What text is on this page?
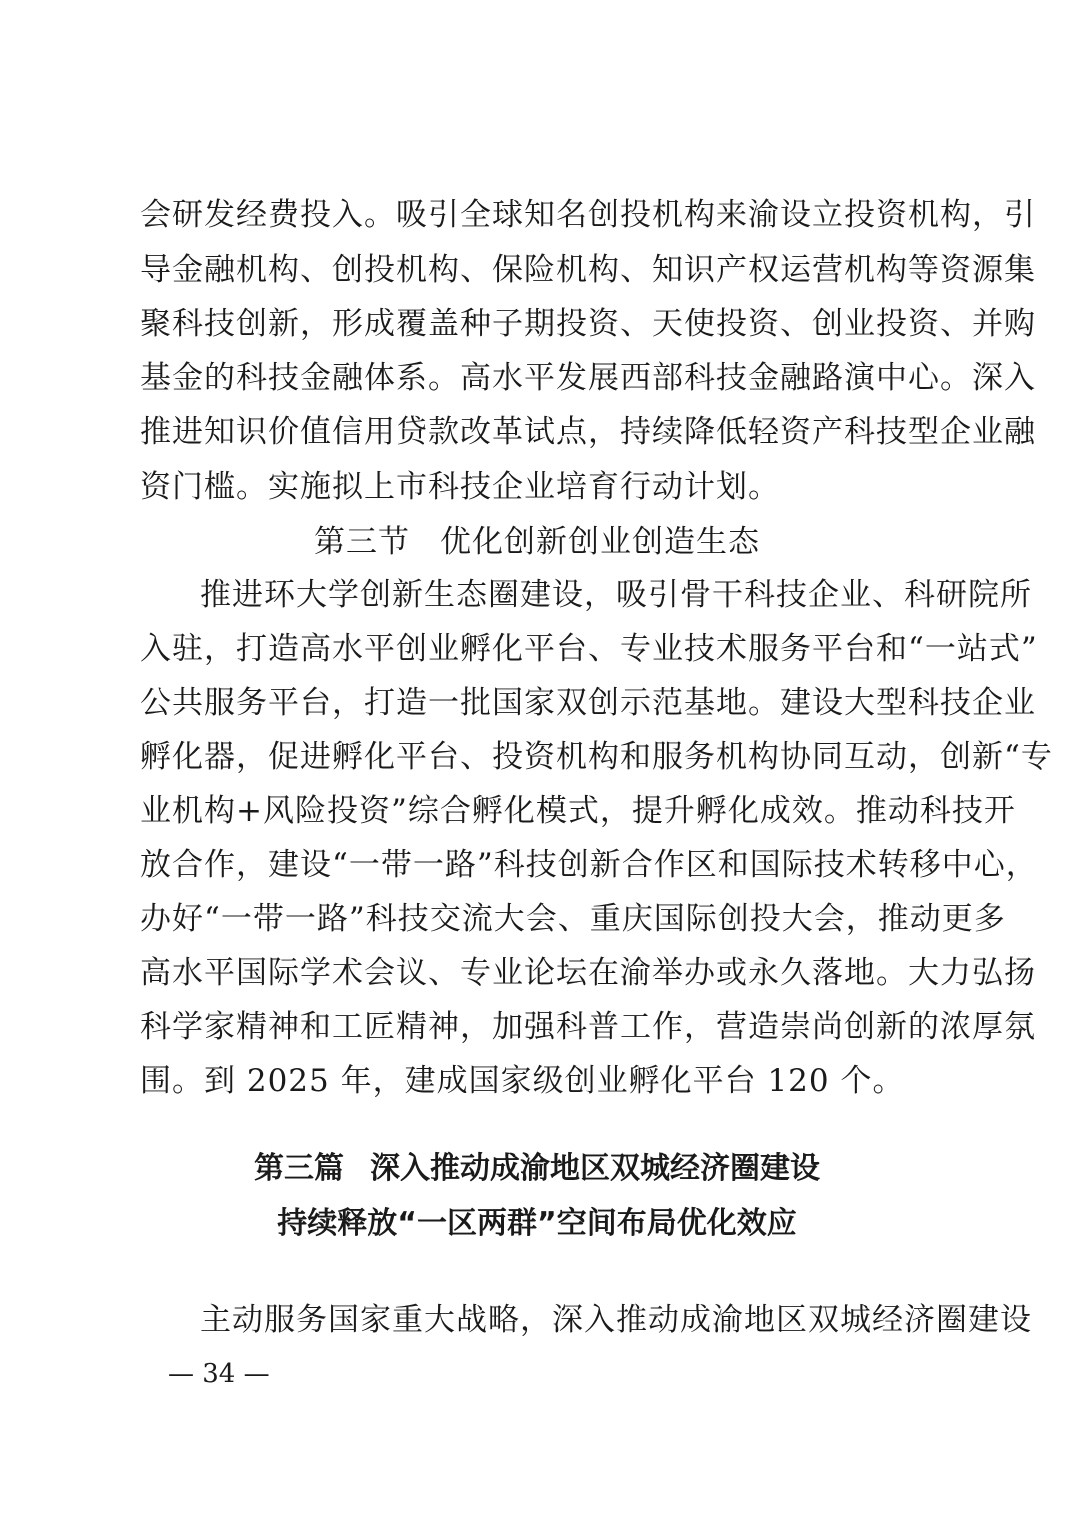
会研发经费投入。吸引全球知名创投机构来渝设立投资机构，引
导金融机构、创投机构、保险机构、知识产权运营机构等资源集
聚科技创新，形成覆盖种子期投资、天使投资、创业投资、并购
基金的科技金融体系。高水平发展西部科技金融路演中心。深入
推进知识价值信用贷款改革试点，持续降低轻资产科技型企业融
资门槛。实施拟上市科技企业培育行动计划。
第三节 优化创新创业创造生态
推进环大学创新生态圈建设，吸引骨干科技企业、科研院所
入驻，打造高水平创业孵化平台、专业技术服务平台和“一站式”
公共服务平台，打造一批国家双创示范基地。建设大型科技企业
孵化器，促进孵化平台、投资机构和服务机构协同互动，创新“专
业机构+风险投资”综合孵化模式，提升孵化成效。推动科技开
放合作，建设“一带一路”科技创新合作区和国际技术转移中心，
办好“一带一路”科技交流大会、重庆国际创投大会，推动更多
高水平国际学术会议、专业论坛在渝举办或永久落地。大力弘扬
科学家精神和工匠精神，加强科普工作，营造崇尚创新的浓厚氛
围。到 2025 年，建成国家级创业孵化平台 120 个。
第三篇 深入推动成渝地区双城经济圈建设
持续释放“一区两群”空间布局优化效应
主动服务国家重大战略，深入推动成渝地区双城经济圈建设
— 34 —
